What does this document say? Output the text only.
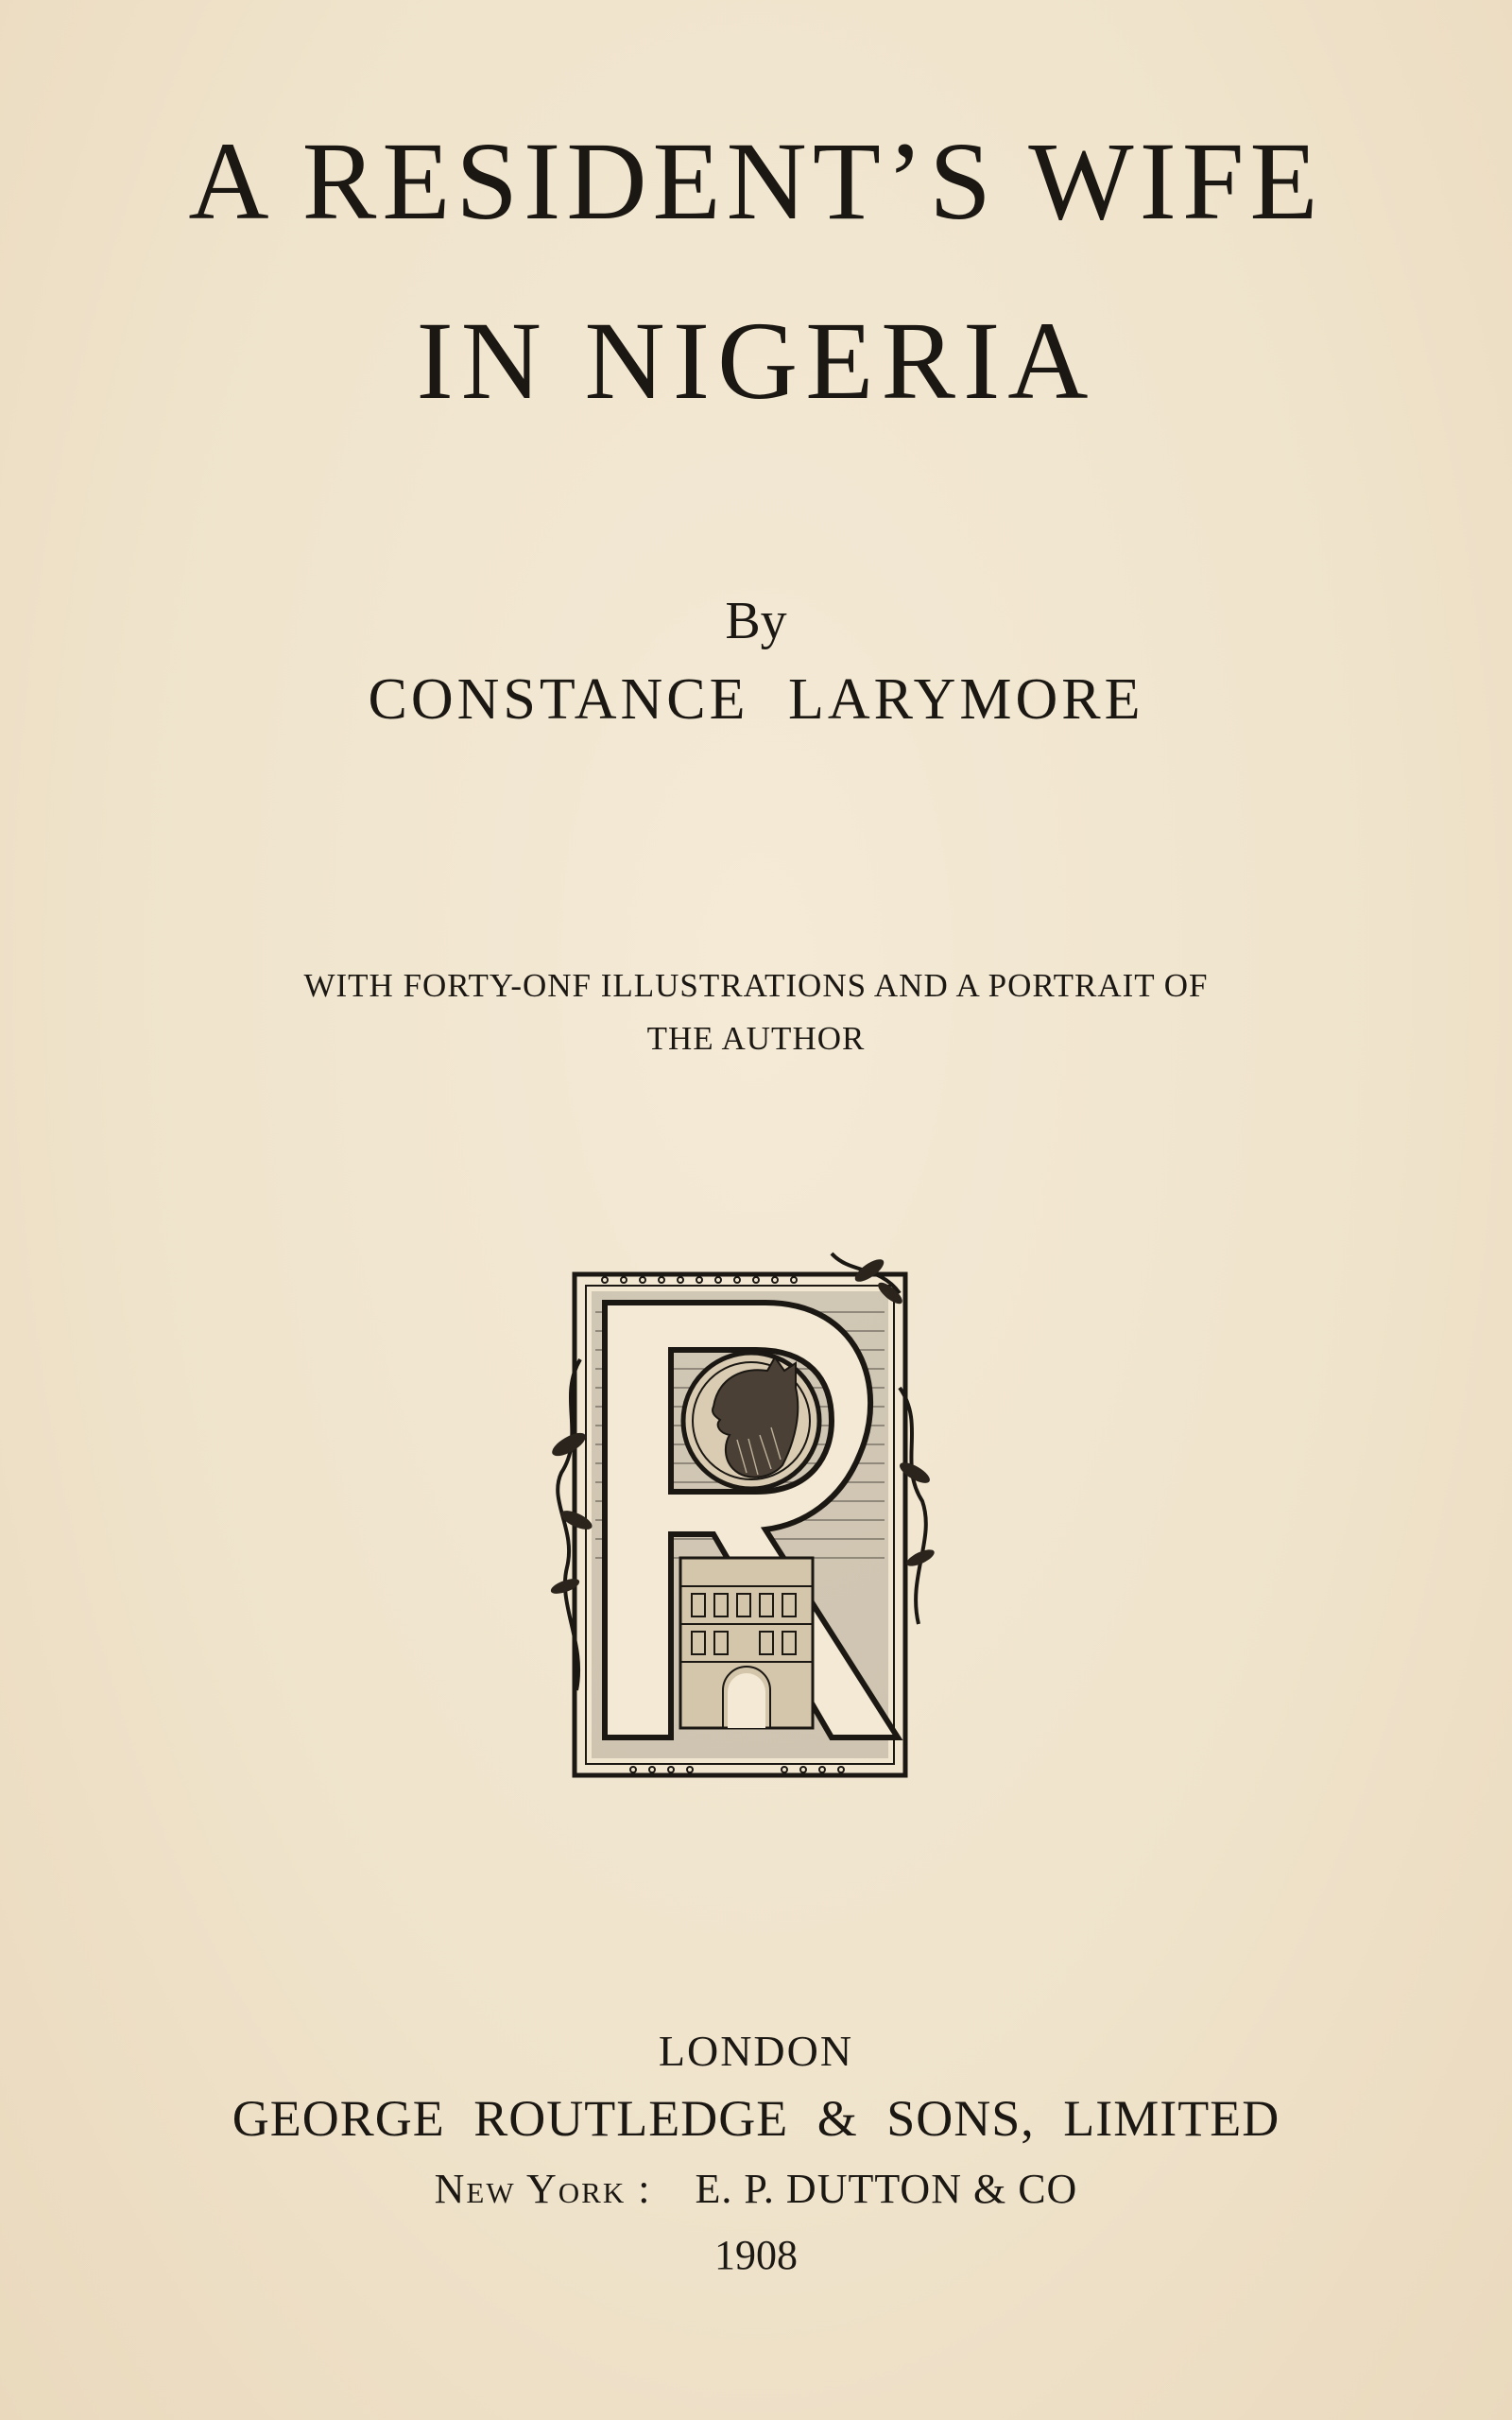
A RESIDENT’S WIFE
IN NIGERIA
By
CONSTANCE LARYMORE
WITH FORTY-ONF ILLUSTRATIONS AND A PORTRAIT OF
THE AUTHOR
LONDON
GEORGE ROUTLEDGE & SONS, LIMITED
New York : E. P. DUTTON & CO
1908
